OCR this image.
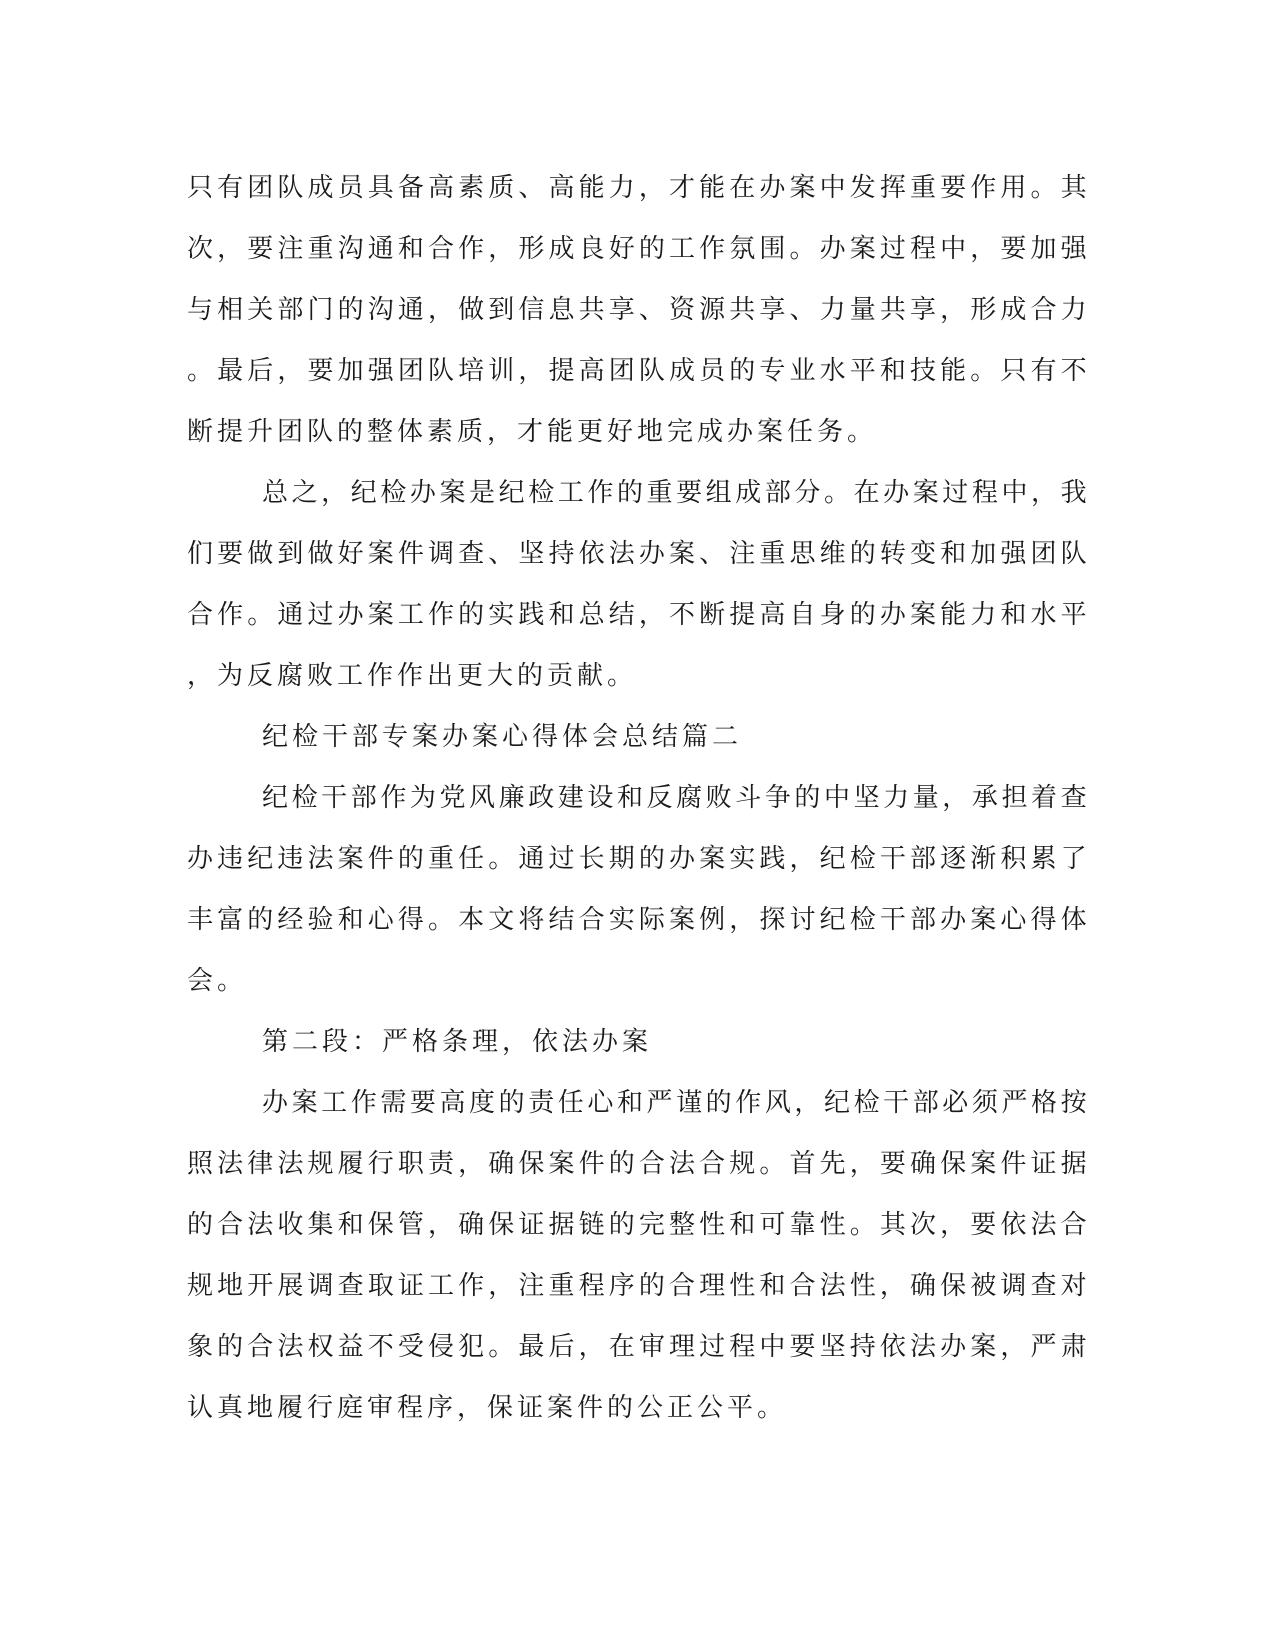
只 有 团 队 成 员 具 备 高 素 质 、 高 能 力 ， 才 能 在 办 案 中 发 挥 重 要 作 用 。 其
次 ， 要 注 重 沟 通 和 合 作 ， 形 成 良 好 的 工 作 氛 围 。 办 案 过 程 中 ， 要 加 强
与 相 关 部 门 的 沟 通 ， 做 到 信 息 共 享 、 资 源 共 享 、 力 量 共 享 ， 形 成 合 力
。 最 后 ， 要 加 强 团 队 培 训 ， 提 高 团 队 成 员 的 专 业 水 平 和 技 能 。 只 有 不
断提升团队的整体素质，才能更好地完成办案任务。
总 之 ， 纪 检 办 案 是 纪 检 工 作 的 重 要 组 成 部 分 。 在 办 案 过 程 中 ， 我
们 要 做 到 做 好 案 件 调 查 、 坚 持 依 法 办 案 、 注 重 思 维 的 转 变 和 加 强 团 队
合 作 。 通 过 办 案 工 作 的 实 践 和 总 结 ， 不 断 提 高 自 身 的 办 案 能 力 和 水 平
，为反腐败工作作出更大的贡献。
纪检干部专案办案心得体会总结篇二
纪 检 干 部 作 为 党 风 廉 政 建 设 和 反 腐 败 斗 争 的 中 坚 力 量 ， 承 担 着 查
办 违 纪 违 法 案 件 的 重 任 。 通 过 长 期 的 办 案 实 践 ， 纪 检 干 部 逐 渐 积 累 了
丰 富 的 经 验 和 心 得 。 本 文 将 结 合 实 际 案 例 ， 探 讨 纪 检 干 部 办 案 心 得 体
会。
第二段：严格条理，依法办案
办 案 工 作 需 要 高 度 的 责 任 心 和 严 谨 的 作 风 ， 纪 检 干 部 必 须 严 格 按
照 法 律 法 规 履 行 职 责 ， 确 保 案 件 的 合 法 合 规 。 首 先 ， 要 确 保 案 件 证 据
的 合 法 收 集 和 保 管 ， 确 保 证 据 链 的 完 整 性 和 可 靠 性 。 其 次 ， 要 依 法 合
规 地 开 展 调 查 取 证 工 作 ， 注 重 程 序 的 合 理 性 和 合 法 性 ， 确 保 被 调 查 对
象 的 合 法 权 益 不 受 侵 犯 。 最 后 ， 在 审 理 过 程 中 要 坚 持 依 法 办 案 ， 严 肃
认真地履行庭审程序，保证案件的公正公平。
